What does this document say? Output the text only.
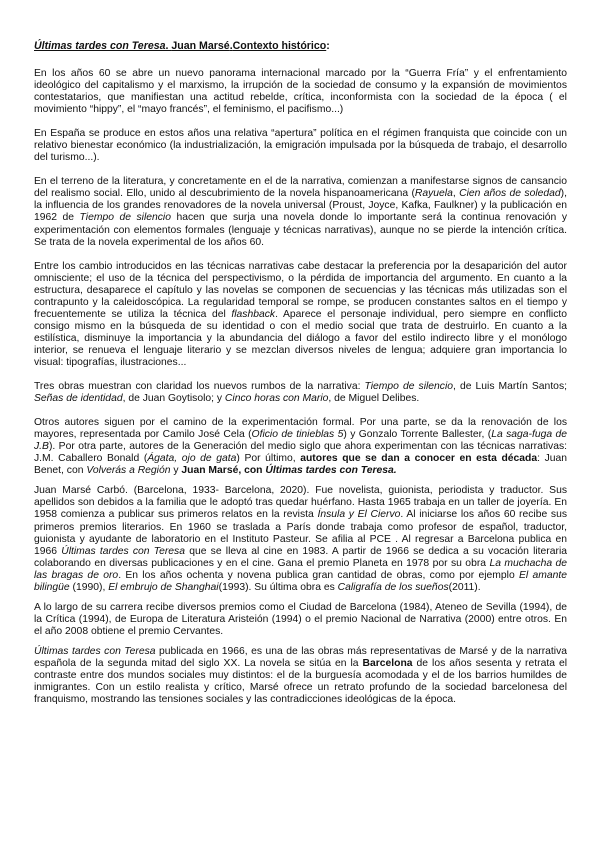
Últimas tardes con Teresa. Juan Marsé.Contexto histórico:

En los años 60 se abre un nuevo panorama internacional marcado por la “Guerra Fría” y el enfrentamiento ideológico del capitalismo y el marxismo, la irrupción de la sociedad de consumo y la expansión de movimientos contestatarios, que manifiestan una actitud rebelde, crítica, inconformista con la sociedad de la época ( el movimiento “hippy”, el “mayo francés”, el feminismo, el pacifismo...)

En España se produce en estos años una relativa “apertura” política en el régimen franquista que coincide con un relativo bienestar económico (la industrialización, la emigración impulsada por la búsqueda de trabajo, el desarrollo del turismo...).

En el terreno de la literatura, y concretamente en el de la narrativa, comienzan a manifestarse signos de cansancio del realismo social. Ello, unido al descubrimiento de la novela hispanoamericana (Rayuela, Cien años de soledad), la influencia de los grandes renovadores de la novela universal (Proust, Joyce, Kafka, Faulkner) y la publicación en 1962 de Tiempo de silencio hacen que surja una novela donde lo importante será la continua renovación y experimentación con elementos formales (lenguaje y técnicas narrativas), aunque no se pierde la intención crítica. Se trata de la novela experimental de los años 60.

Entre los cambio introducidos en las técnicas narrativas cabe destacar la preferencia por la desaparición del autor omnisciente; el uso de la técnica del perspectivismo, o la pérdida de importancia del argumento. En cuanto a la estructura, desaparece el capítulo y las novelas se componen de secuencias y las técnicas más utilizadas son el contrapunto y la caleidoscópica. La regularidad temporal se rompe, se producen constantes saltos en el tiempo y frecuentemente se utiliza la técnica del flashback. Aparece el personaje individual, pero siempre en conflicto consigo mismo en la búsqueda de su identidad o con el medio social que trata de destruirlo. En cuanto a la estilística, disminuye la importancia y la abundancia del diálogo a favor del estilo indirecto libre y el monólogo interior, se renueva el lenguaje literario y se mezclan diversos niveles de lengua; adquiere gran importancia lo visual: tipografías, ilustraciones...

Tres obras muestran con claridad los nuevos rumbos de la narrativa: Tiempo de silencio, de Luis Martín Santos; Señas de identidad, de Juan Goytisolo; y Cinco horas con Mario, de Miguel Delibes.

Otros autores siguen por el camino de la experimentación formal. Por una parte, se da la renovación de los mayores, representada por Camilo José Cela (Oficio de tinieblas 5) y Gonzalo Torrente Ballester, (La saga-fuga de J.B). Por otra parte, autores de la Generación del medio siglo que ahora experimentan con las técnicas narrativas: J.M. Caballero Bonald (Ágata, ojo de gata) Por último, autores que se dan a conocer en esta década: Juan Benet, con Volverás a Región y Juan Marsé, con Últimas tardes con Teresa.

Juan Marsé Carbó. (Barcelona, 1933- Barcelona, 2020). Fue novelista, guionista, periodista y traductor. Sus apellidos son debidos a la familia que le adoptó tras quedar huérfano. Hasta 1965 trabaja en un taller de joyería. En 1958 comienza a publicar sus primeros relatos en la revista Ínsula y El Ciervo. Al iniciarse los años 60 recibe sus primeros premios literarios. En 1960 se traslada a París donde trabaja como profesor de español, traductor, guionista y ayudante de laboratorio en el Instituto Pasteur. Se afilia al PCE . Al regresar a Barcelona publica en 1966 Últimas tardes con Teresa que se lleva al cine en 1983. A partir de 1966 se dedica a su vocación literaria colaborando en diversas publicaciones y en el cine. Gana el premio Planeta en 1978 por su obra La muchacha de las bragas de oro. En los años ochenta y novena publica gran cantidad de obras, como por ejemplo El amante bilingüe (1990), El embrujo de Shanghai(1993). Su última obra es Caligrafía de los sueños(2011).

A lo largo de su carrera recibe diversos premios como el Ciudad de Barcelona (1984), Ateneo de Sevilla (1994), de la Crítica (1994), de Europa de Literatura Aristeión (1994) o el premio Nacional de Narrativa (2000) entre otros. En el año 2008 obtiene el premio Cervantes.

Últimas tardes con Teresa publicada en 1966, es una de las obras más representativas de Marsé y de la narrativa española de la segunda mitad del siglo XX. La novela se sitúa en la Barcelona de los años sesenta y retrata el contraste entre dos mundos sociales muy distintos: el de la burguesía acomodada y el de los barrios humildes de inmigrantes. Con un estilo realista y crítico, Marsé ofrece un retrato profundo de la sociedad barcelonesa del franquismo, mostrando las tensiones sociales y las contradicciones ideológicas de la época.
